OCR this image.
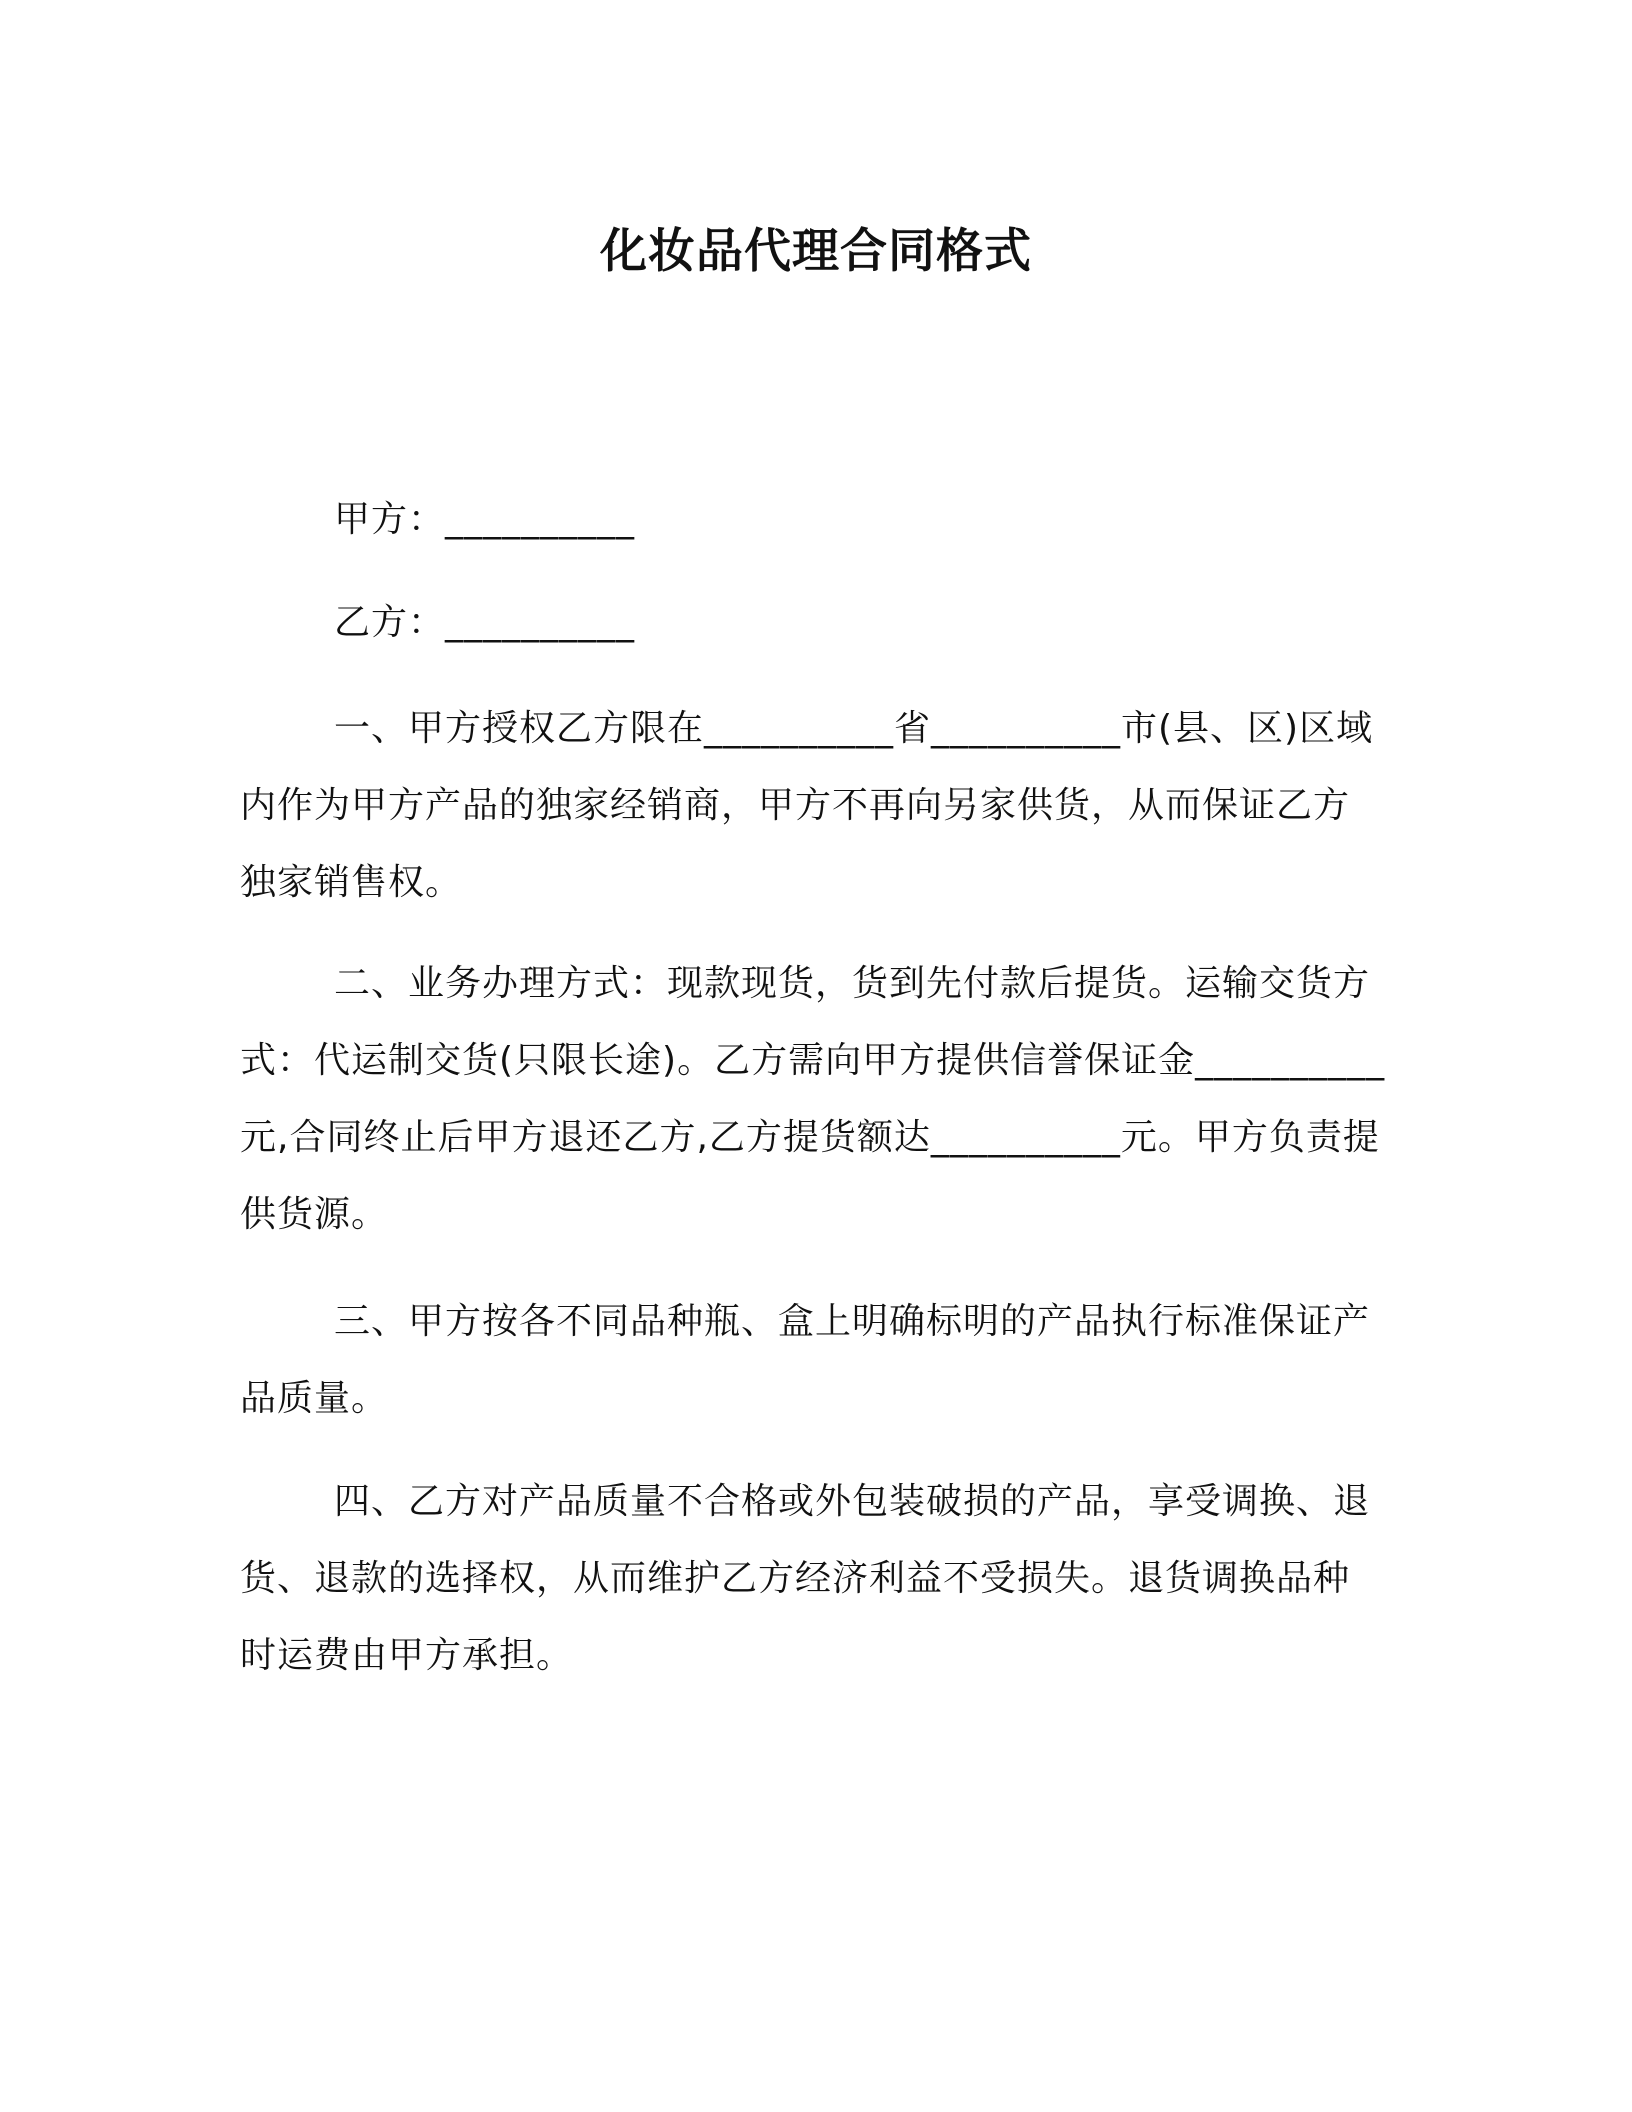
化妆品代理合同格式
甲方：__________
乙方：__________
一、甲方授权乙方限在__________省__________市(县、区)区域
内作为甲方产品的独家经销商，甲方不再向另家供货，从而保证乙方
独家销售权。
二、业务办理方式：现款现货，货到先付款后提货。运输交货方
式：代运制交货(只限长途)。乙方需向甲方提供信誉保证金__________
元,合同终止后甲方退还乙方,乙方提货额达__________元。甲方负责提
供货源。
三、甲方按各不同品种瓶、盒上明确标明的产品执行标准保证产
品质量。
四、乙方对产品质量不合格或外包装破损的产品，享受调换、退
货、退款的选择权，从而维护乙方经济利益不受损失。退货调换品种
时运费由甲方承担。
